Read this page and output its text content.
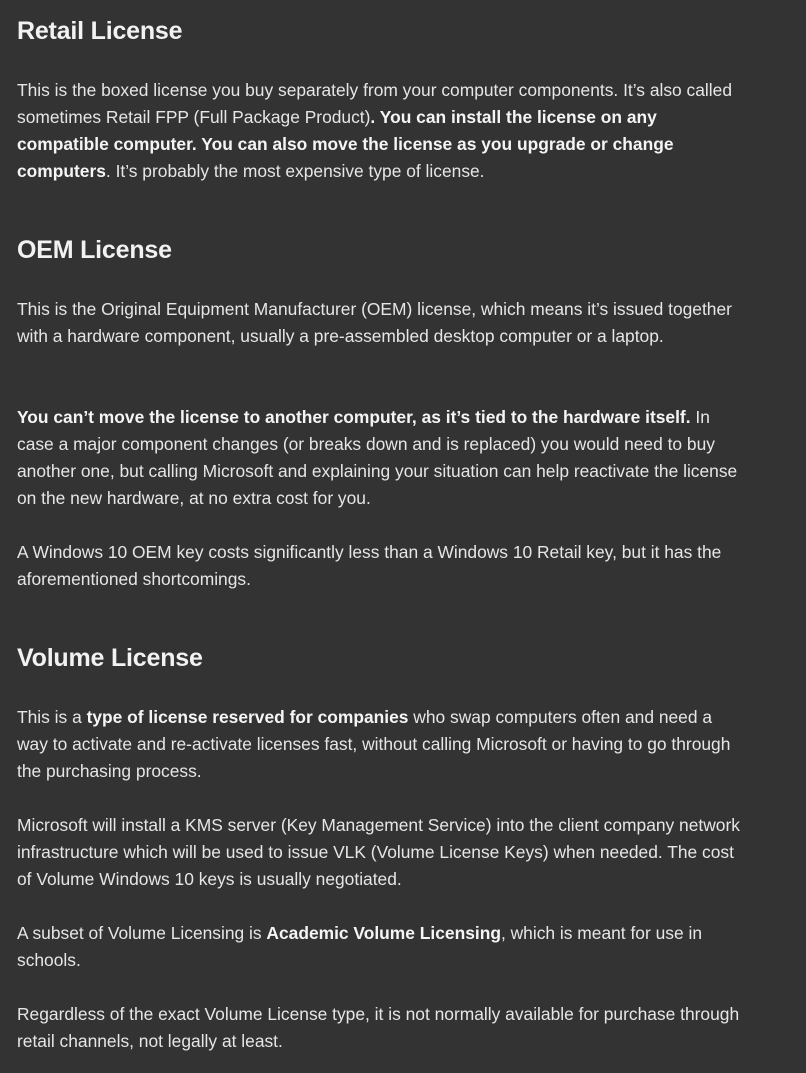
Retail License

This is the boxed license you buy separately from your computer components. It’s also called sometimes Retail FPP (Full Package Product). You can install the license on any compatible computer. You can also move the license as you upgrade or change computers. It’s probably the most expensive type of license.

OEM License

This is the Original Equipment Manufacturer (OEM) license, which means it’s issued together with a hardware component, usually a pre-assembled desktop computer or a laptop.

You can’t move the license to another computer, as it’s tied to the hardware itself. In case a major component changes (or breaks down and is replaced) you would need to buy another one, but calling Microsoft and explaining your situation can help reactivate the license on the new hardware, at no extra cost for you.

A Windows 10 OEM key costs significantly less than a Windows 10 Retail key, but it has the aforementioned shortcomings.

Volume License

This is a type of license reserved for companies who swap computers often and need a way to activate and re-activate licenses fast, without calling Microsoft or having to go through the purchasing process.

Microsoft will install a KMS server (Key Management Service) into the client company network infrastructure which will be used to issue VLK (Volume License Keys) when needed. The cost of Volume Windows 10 keys is usually negotiated.

A subset of Volume Licensing is Academic Volume Licensing, which is meant for use in schools.

Regardless of the exact Volume License type, it is not normally available for purchase through retail channels, not legally at least.
